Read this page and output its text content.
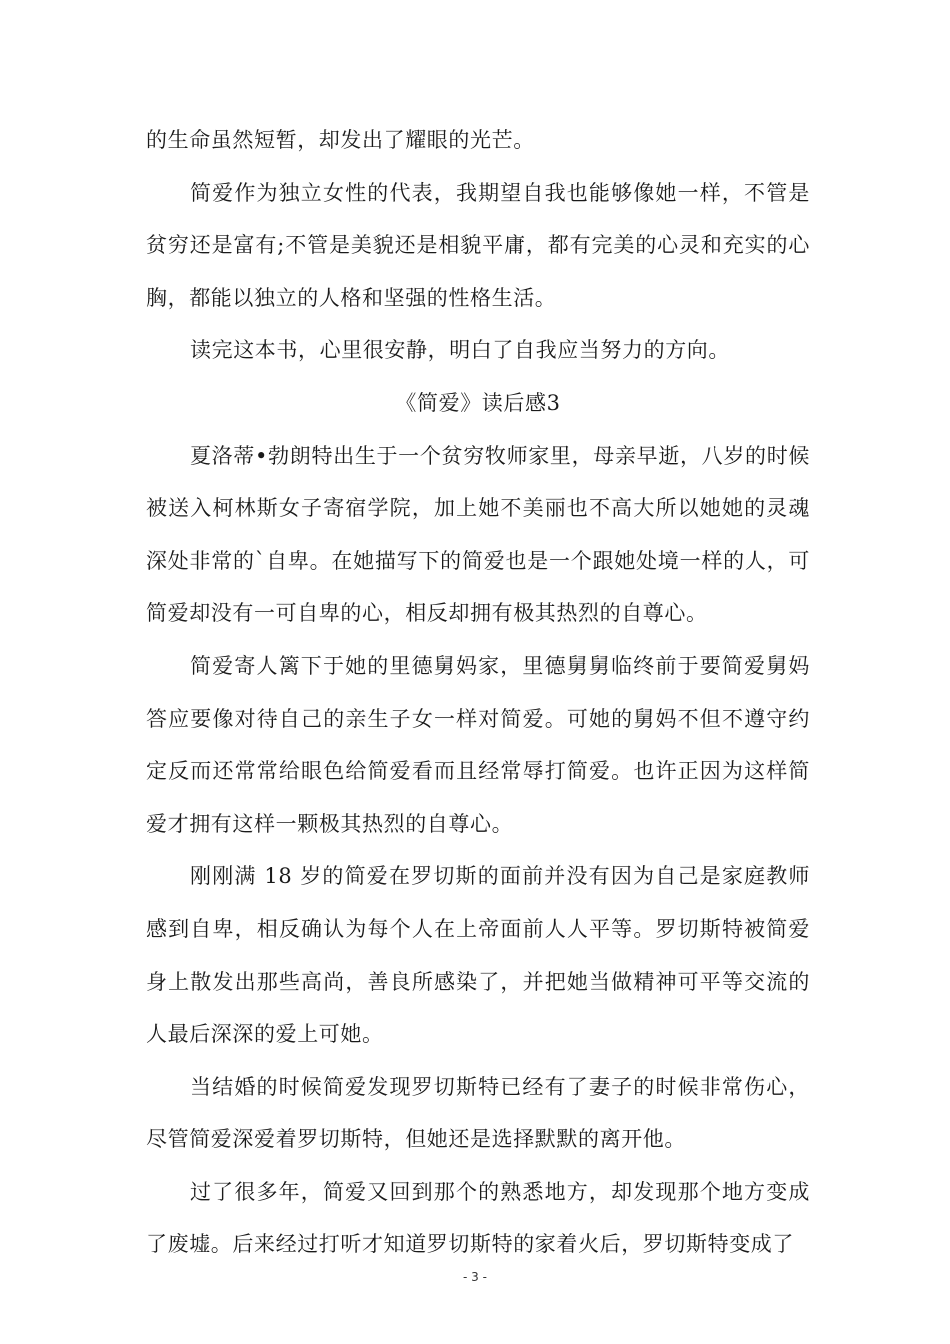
的生命虽然短暂，却发出了耀眼的光芒。

简爱作为独立女性的代表，我期望自我也能够像她一样，不管是贫穷还是富有;不管是美貌还是相貌平庸，都有完美的心灵和充实的心胸，都能以独立的人格和坚强的性格生活。

读完这本书，心里很安静，明白了自我应当努力的方向。

《简爱》读后感3

夏洛蒂•勃朗特出生于一个贫穷牧师家里，母亲早逝，八岁的时候被送入柯林斯女子寄宿学院，加上她不美丽也不高大所以她她的灵魂深处非常的`自卑。在她描写下的简爱也是一个跟她处境一样的人，可简爱却没有一可自卑的心，相反却拥有极其热烈的自尊心。

简爱寄人篱下于她的里德舅妈家，里德舅舅临终前于要简爱舅妈答应要像对待自己的亲生子女一样对简爱。可她的舅妈不但不遵守约定反而还常常给眼色给简爱看而且经常辱打简爱。也许正因为这样简爱才拥有这样一颗极其热烈的自尊心。

刚刚满 18 岁的简爱在罗切斯的面前并没有因为自己是家庭教师感到自卑，相反确认为每个人在上帝面前人人平等。罗切斯特被简爱身上散发出那些高尚，善良所感染了，并把她当做精神可平等交流的人最后深深的爱上可她。

当结婚的时候简爱发现罗切斯特已经有了妻子的时候非常伤心，尽管简爱深爱着罗切斯特，但她还是选择默默的离开他。

过了很多年，简爱又回到那个的熟悉地方，却发现那个地方变成了废墟。后来经过打听才知道罗切斯特的家着火后，罗切斯特变成了

- 3 -
